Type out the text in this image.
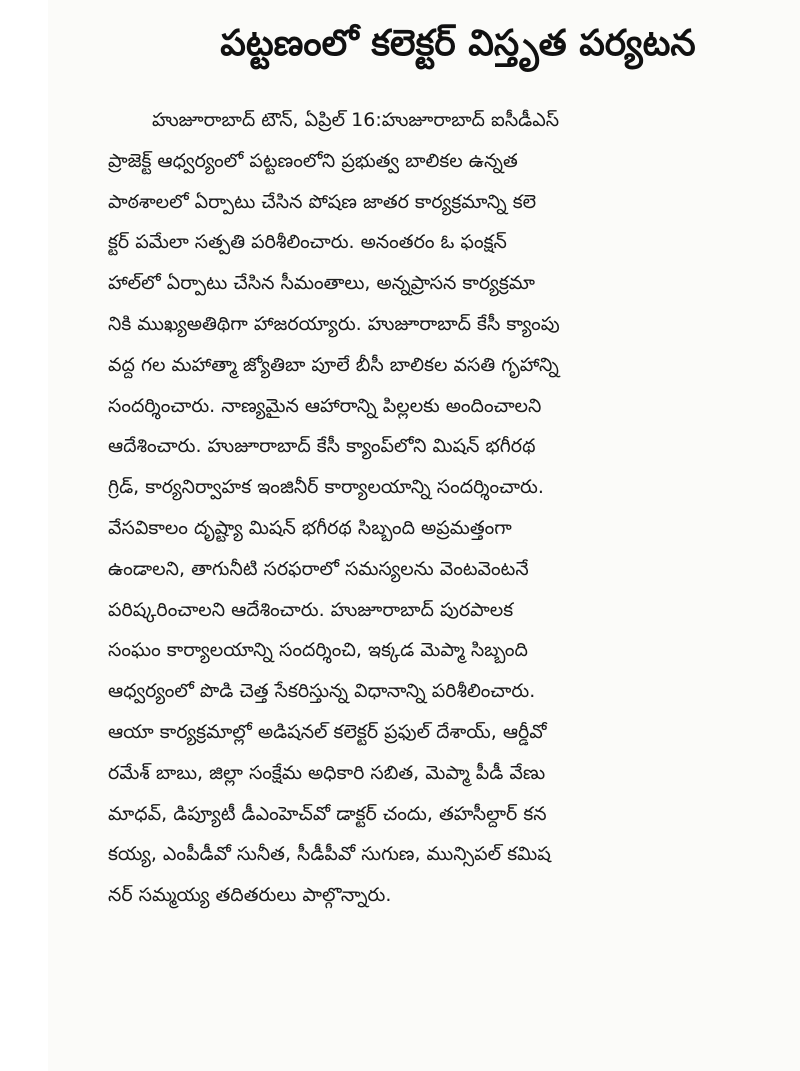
పట్టణంలో కలెక్టర్ విస్తృత పర్యటన
హుజూరాబాద్ టౌన్, ఏప్రిల్ 16:హుజూరాబాద్ ఐసీడీఎస్
ప్రాజెక్ట్ ఆధ్వర్యంలో పట్టణంలోని ప్రభుత్వ బాలికల ఉన్నత
పాఠశాలలో ఏర్పాటు చేసిన పోషణ జాతర కార్యక్రమాన్ని కలె
క్టర్ పమేలా సత్పతి పరిశీలించారు. అనంతరం ఓ ఫంక్షన్
హాల్‌లో ఏర్పాటు చేసిన సీమంతాలు, అన్నప్రాసన కార్యక్రమా
నికి ముఖ్యఅతిథిగా హాజరయ్యారు. హుజూరాబాద్ కేసీ క్యాంపు
వద్ద గల మహాత్మా జ్యోతిబా పూలే బీసీ బాలికల వసతి గృహాన్ని
సందర్శించారు. నాణ్యమైన ఆహారాన్ని పిల్లలకు అందించాలని
ఆదేశించారు. హుజూరాబాద్ కేసీ క్యాంప్‌లోని మిషన్ భగీరథ
గ్రిడ్, కార్యనిర్వాహక ఇంజినీర్ కార్యాలయాన్ని సందర్శించారు.
వేసవికాలం దృష్ట్యా మిషన్ భగీరథ సిబ్బంది అప్రమత్తంగా
ఉండాలని, తాగునీటి సరఫరాలో సమస్యలను వెంటవెంటనే
పరిష్కరించాలని ఆదేశించారు. హుజూరాబాద్ పురపాలక
సంఘం కార్యాలయాన్ని సందర్శించి, ఇక్కడ మెప్మా సిబ్బంది
ఆధ్వర్యంలో పొడి చెత్త సేకరిస్తున్న విధానాన్ని పరిశీలించారు.
ఆయా కార్యక్రమాల్లో అడిషనల్ కలెక్టర్ ప్రఫుల్ దేశాయ్, ఆర్డీవో
రమేశ్ బాబు, జిల్లా సంక్షేమ అధికారి సబిత, మెప్మా పీడీ వేణు
మాధవ్, డిప్యూటీ డీఎంహెచ్‌వో డాక్టర్ చందు, తహసీల్దార్ కన
కయ్య, ఎంపీడీవో సునీత, సీడీపీవో సుగుణ, మున్సిపల్ కమిష
నర్ సమ్మయ్య తదితరులు పాల్గొన్నారు.
